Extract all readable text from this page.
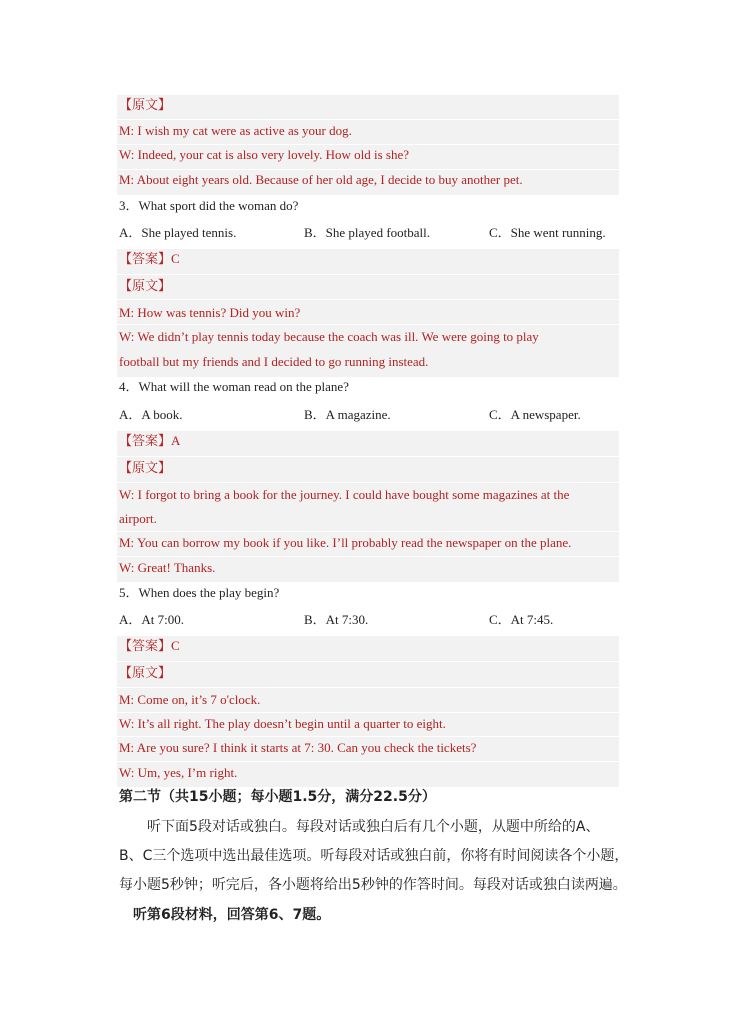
【原文】
M: I wish my cat were as active as your dog.
W: Indeed, your cat is also very lovely. How old is she?
M: About eight years old. Because of her old age, I decide to buy another pet.
3．What sport did the woman do?
A．She played tennis.	B．She played football.	C．She went running.
【答案】C
【原文】
M: How was tennis? Did you win?
W: We didn’t play tennis today because the coach was ill. We were going to play
football but my friends and I decided to go running instead.
4．What will the woman read on the plane?
A．A book.	B．A magazine.	C．A newspaper.
【答案】A
【原文】
W: I forgot to bring a book for the journey. I could have bought some magazines at the
airport.
M: You can borrow my book if you like. I’ll probably read the newspaper on the plane.
W: Great! Thanks.
5．When does the play begin?
A．At 7:00.	B．At 7:30.	C．At 7:45.
【答案】C
【原文】
M: Come on, it’s 7 o'clock.
W: It’s all right. The play doesn’t begin until a quarter to eight.
M: Are you sure? I think it starts at 7: 30. Can you check the tickets?
W: Um, yes, I’m right.
第二节（共15小题；每小题1.5分，满分22.5分）
听下面5段对话或独白。每段对话或独白后有几个小题，从题中所给的A、
B、C三个选项中选出最佳选项。听每段对话或独白前，你将有时间阅读各个小题，
每小题5秒钟；听完后，各小题将给出5秒钟的作答时间。每段对话或独白读两遍。
听第6段材料，回答第6、7题。
